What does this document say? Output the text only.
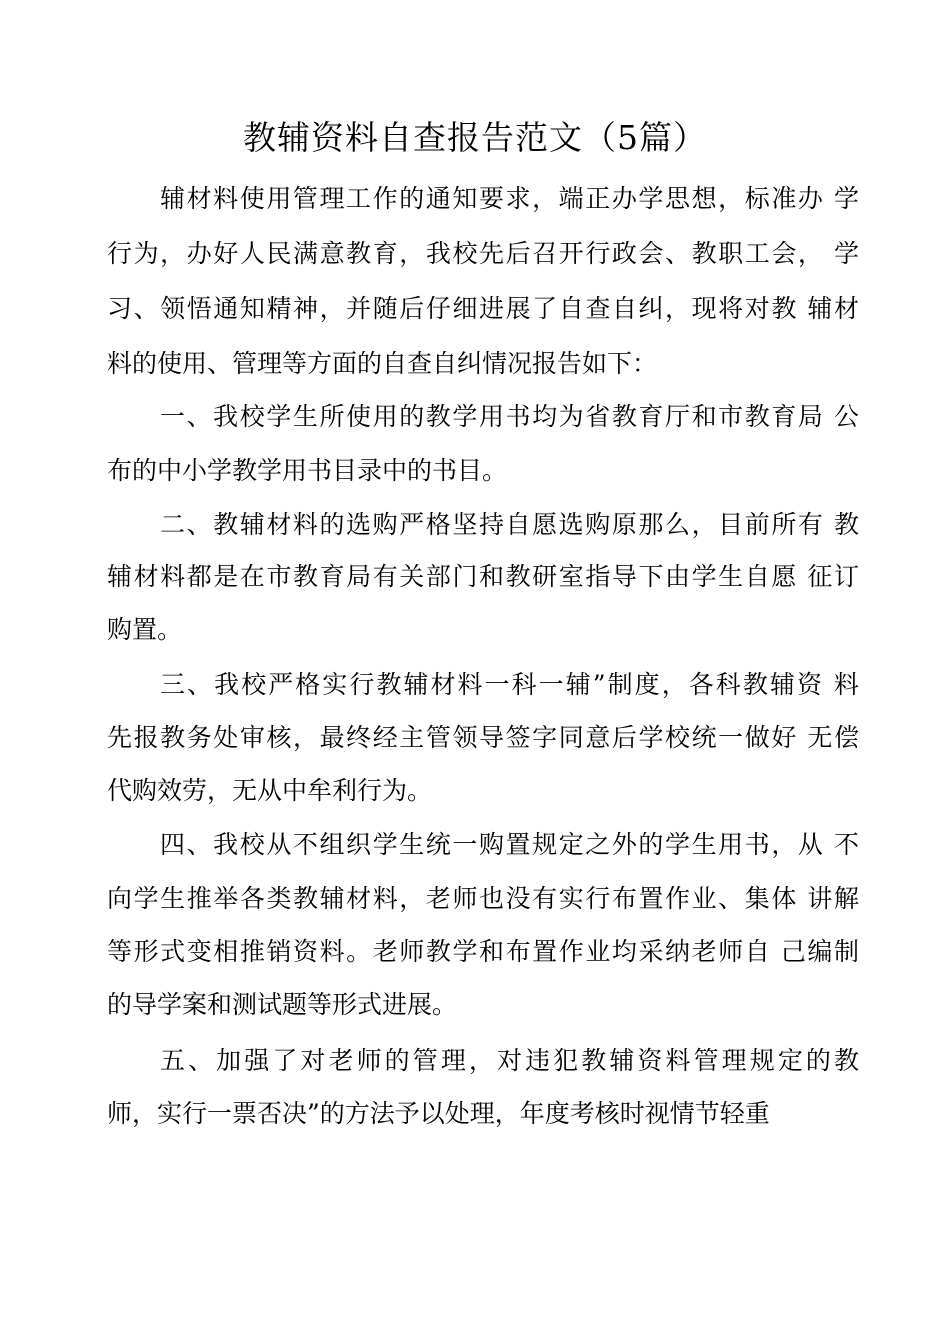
教辅资料自查报告范文（5篇）

辅材料使用管理工作的通知要求，端正办学思想，标准办 学

行为，办好人民满意教育，我校先后召开行政会、教职工会， 学

习、领悟通知精神，并随后仔细进展了自查自纠，现将对教 辅材

料的使用、管理等方面的自查自纠情况报告如下：

一、我校学生所使用的教学用书均为省教育厅和市教育局 公

布的中小学教学用书目录中的书目。

二、教辅材料的选购严格坚持自愿选购原那么，目前所有 教

辅材料都是在市教育局有关部门和教研室指导下由学生自愿 征订

购置。

三、我校严格实行教辅材料一科一辅”制度，各科教辅资 料

先报教务处审核，最终经主管领导签字同意后学校统一做好 无偿

代购效劳，无从中牟利行为。

四、我校从不组织学生统一购置规定之外的学生用书，从 不

向学生推举各类教辅材料，老师也没有实行布置作业、集体 讲解

等形式变相推销资料。老师教学和布置作业均采纳老师自 己编制

的导学案和测试题等形式进展。

五、加强了对老师的管理，对违犯教辅资料管理规定的教

师，实行一票否决”的方法予以处理，年度考核时视情节轻重
